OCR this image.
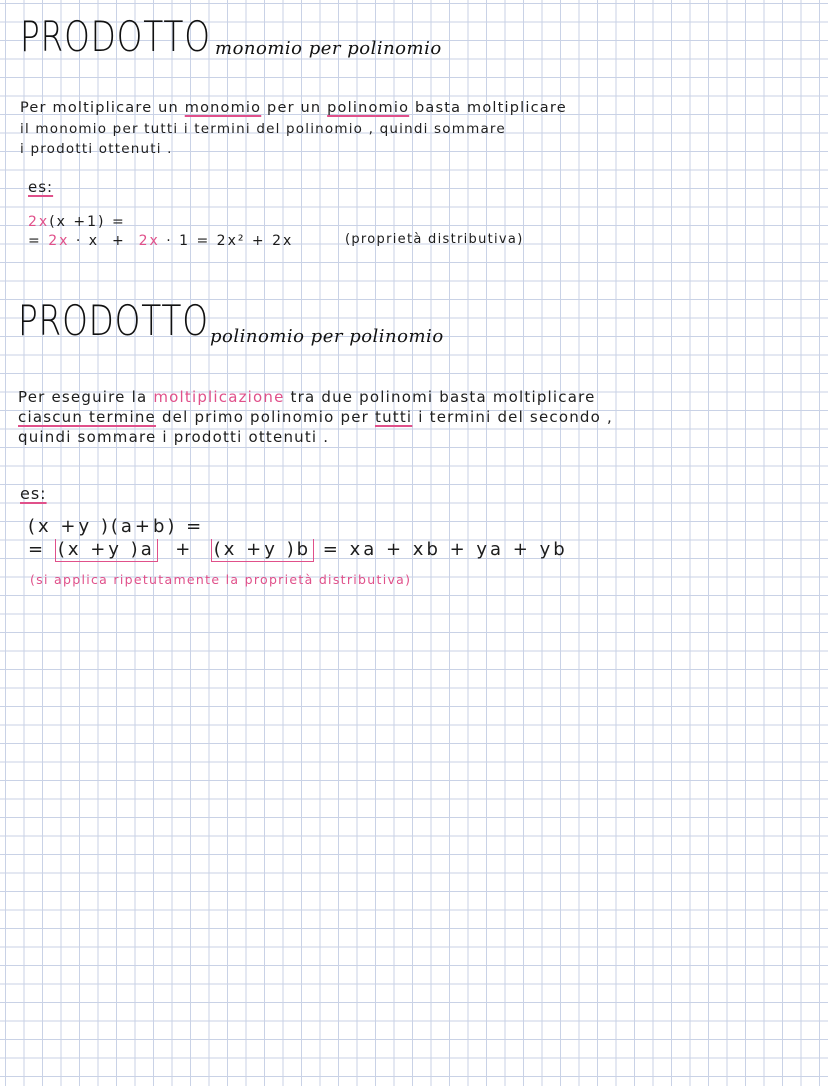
PRODOTTO monomio per polinomio
Per moltiplicare un monomio per un polinomio basta moltiplicare
il monomio per tutti i termini del polinomio , quindi sommare
i prodotti ottenuti .
es:
2x(x +1) =
= 2x · x + 2x · 1 = 2x² + 2x	(proprietà distributiva)
PRODOTTO polinomio per polinomio
Per eseguire la moltiplicazione tra due polinomi basta moltiplicare
ciascun termine del primo polinomio per tutti i termini del secondo ,
quindi sommare i prodotti ottenuti .
es:
(x +y )(a+b) =
= (x +y )a + (x +y )b = xa + xb + ya + yb
(si applica ripetutamente la proprietà distributiva)
